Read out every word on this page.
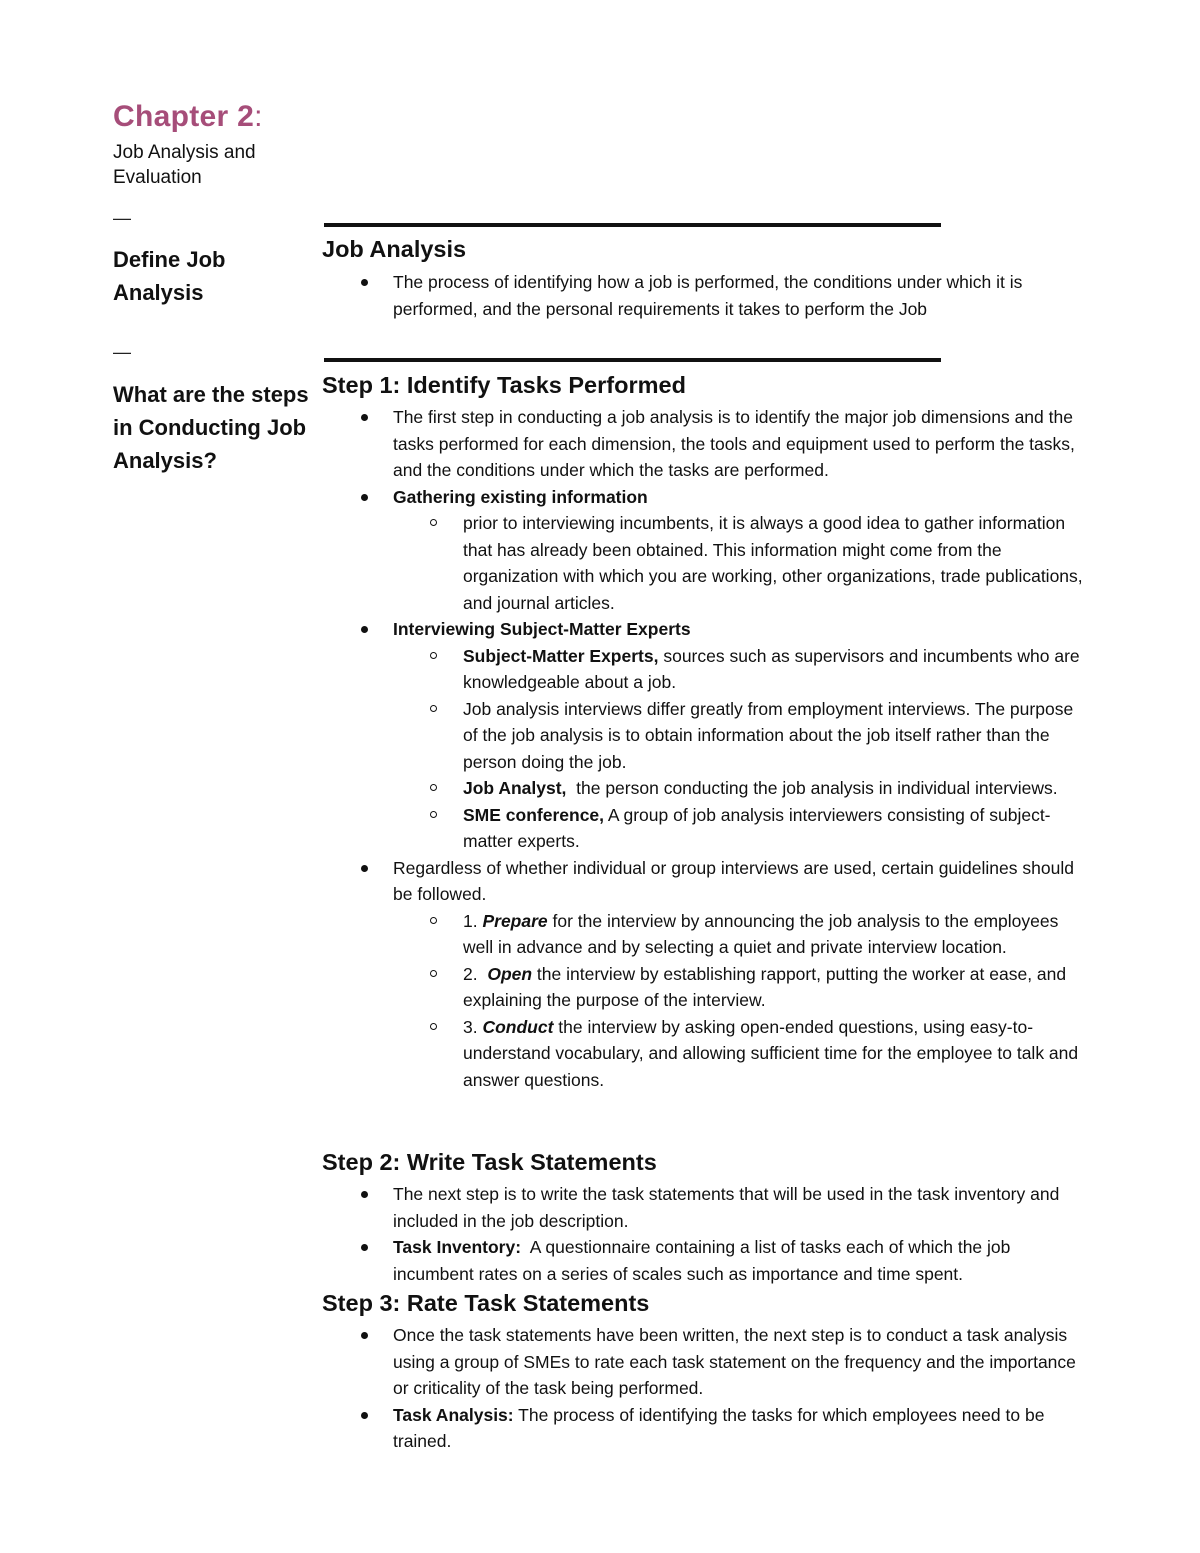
Chapter 2:

Job Analysis and Evaluation

—

Define Job Analysis

—

What are the steps in Conducting Job Analysis?

Job Analysis
The process of identifying how a job is performed, the conditions under which it is performed, and the personal requirements it takes to perform the Job
Step 1: Identify Tasks Performed
The first step in conducting a job analysis is to identify the major job dimensions and the tasks performed for each dimension, the tools and equipment used to perform the tasks, and the conditions under which the tasks are performed.
Gathering existing information
prior to interviewing incumbents, it is always a good idea to gather information that has already been obtained. This information might come from the organization with which you are working, other organizations, trade publications, and journal articles.
Interviewing Subject-Matter Experts
Subject-Matter Experts, sources such as supervisors and incumbents who are knowledgeable about a job.
Job analysis interviews differ greatly from employment interviews. The purpose of the job analysis is to obtain information about the job itself rather than the person doing the job.
Job Analyst,  the person conducting the job analysis in individual interviews.
SME conference, A group of job analysis interviewers consisting of subject-matter experts.
Regardless of whether individual or group interviews are used, certain guidelines should be followed.
1. Prepare for the interview by announcing the job analysis to the employees well in advance and by selecting a quiet and private interview location.
2.  Open the interview by establishing rapport, putting the worker at ease, and explaining the purpose of the interview.
3. Conduct the interview by asking open-ended questions, using easy-to-understand vocabulary, and allowing sufficient time for the employee to talk and answer questions.
Step 2: Write Task Statements
The next step is to write the task statements that will be used in the task inventory and included in the job description.
Task Inventory:  A questionnaire containing a list of tasks each of which the job incumbent rates on a series of scales such as importance and time spent.
Step 3: Rate Task Statements
Once the task statements have been written, the next step is to conduct a task analysis using a group of SMEs to rate each task statement on the frequency and the importance or criticality of the task being performed.
Task Analysis: The process of identifying the tasks for which employees need to be trained.
